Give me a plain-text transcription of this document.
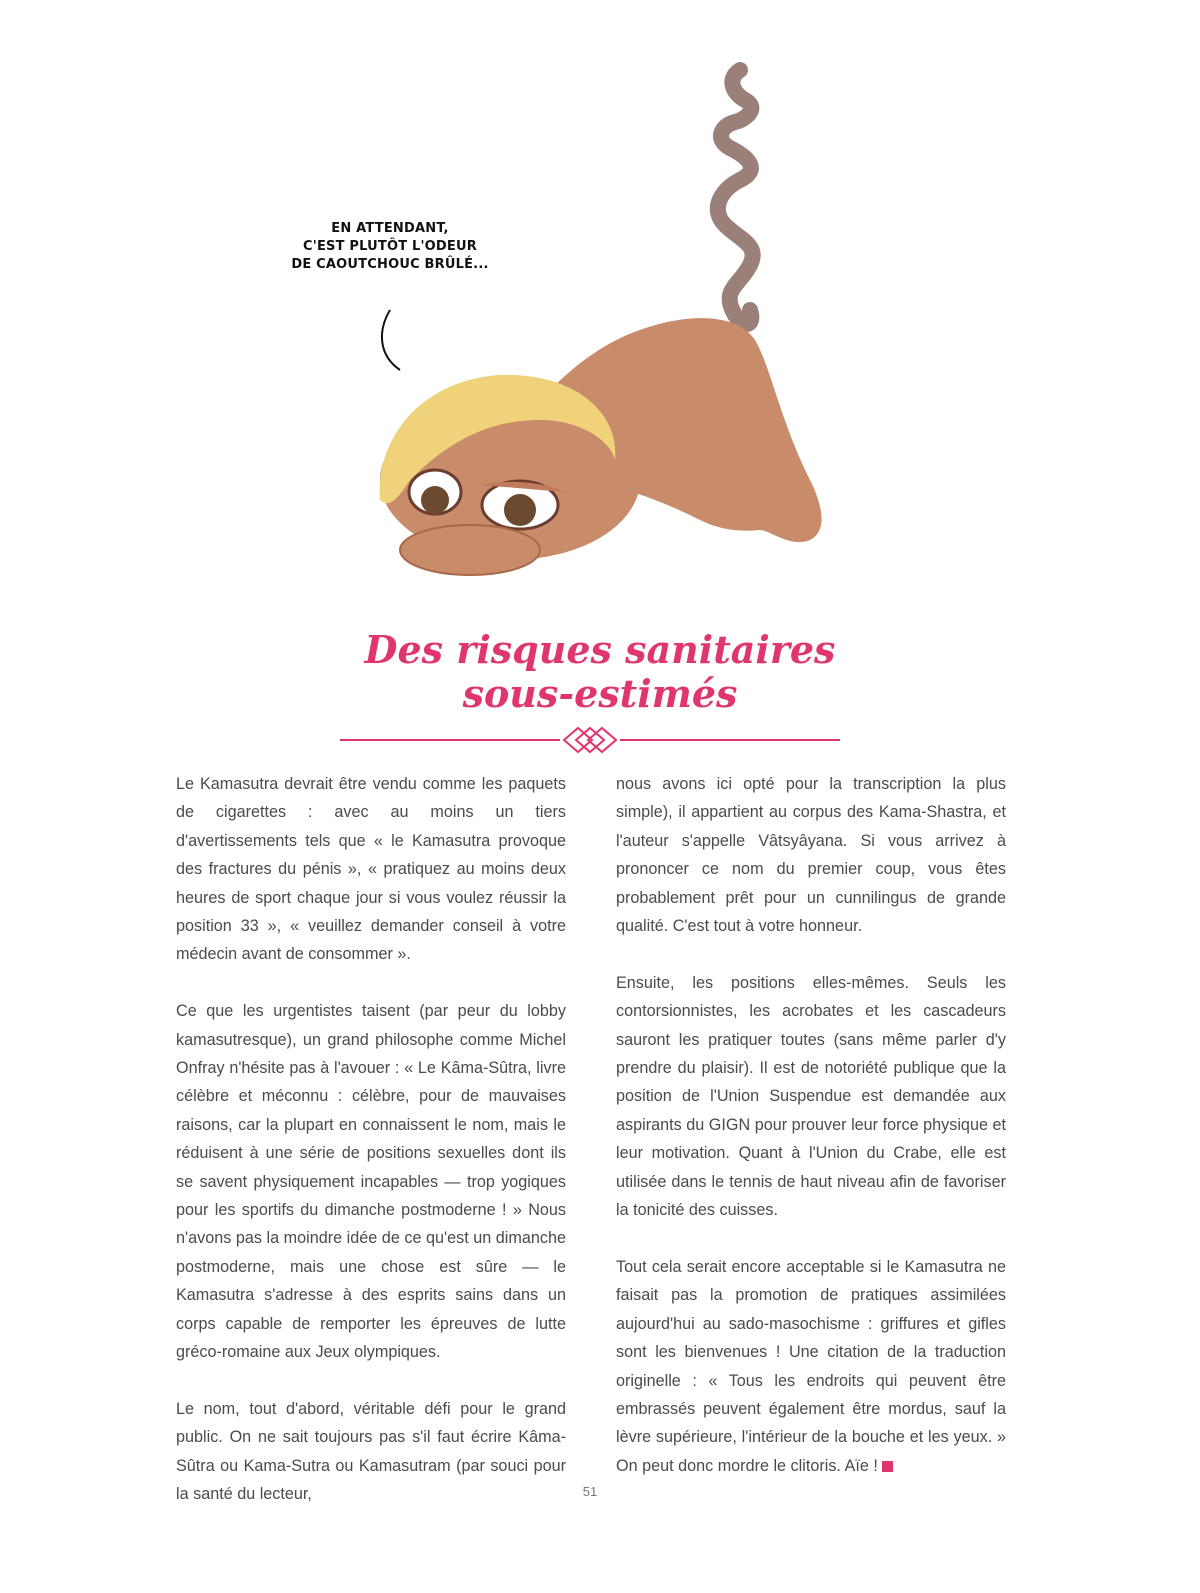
EN ATTENDANT,
C'EST PLUTÔT L'ODEUR
DE CAOUTCHOUC BRÛLÉ...
Des risques sanitaires
sous-estimés

Le Kamasutra devrait être vendu comme les paquets de cigarettes : avec au moins un tiers d'avertissements tels que « le Kamasutra provoque des fractures du pénis », « pratiquez au moins deux heures de sport chaque jour si vous voulez réussir la position 33 », « veuillez demander conseil à votre médecin avant de consommer ».

Ce que les urgentistes taisent (par peur du lobby kamasutresque), un grand philosophe comme Michel Onfray n'hésite pas à l'avouer : « Le Kâma-Sûtra, livre célèbre et méconnu : célèbre, pour de mauvaises raisons, car la plupart en connaissent le nom, mais le réduisent à une série de positions sexuelles dont ils se savent physiquement incapables — trop yogiques pour les sportifs du dimanche postmoderne ! » Nous n'avons pas la moindre idée de ce qu'est un dimanche postmoderne, mais une chose est sûre — le Kamasutra s'adresse à des esprits sains dans un corps capable de remporter les épreuves de lutte gréco-romaine aux Jeux olympiques.

Le nom, tout d'abord, véritable défi pour le grand public. On ne sait toujours pas s'il faut écrire Kâma-Sûtra ou Kama-Sutra ou Kamasutram (par souci pour la santé du lecteur,

nous avons ici opté pour la transcription la plus simple), il appartient au corpus des Kama-Shastra, et l'auteur s'appelle Vâtsyâyana. Si vous arrivez à prononcer ce nom du premier coup, vous êtes probablement prêt pour un cunnilingus de grande qualité. C'est tout à votre honneur.

Ensuite, les positions elles-mêmes. Seuls les contorsionnistes, les acrobates et les cascadeurs sauront les pratiquer toutes (sans même parler d'y prendre du plaisir). Il est de notoriété publique que la position de l'Union Suspendue est demandée aux aspirants du GIGN pour prouver leur force physique et leur motivation. Quant à l'Union du Crabe, elle est utilisée dans le tennis de haut niveau afin de favoriser la tonicité des cuisses.

Tout cela serait encore acceptable si le Kamasutra ne faisait pas la promotion de pratiques assimilées aujourd'hui au sado-masochisme : griffures et gifles sont les bienvenues ! Une citation de la traduction originelle : « Tous les endroits qui peuvent être embrassés peuvent également être mordus, sauf la lèvre supérieure, l'intérieur de la bouche et les yeux. » On peut donc mordre le clitoris. Aïe !

51
